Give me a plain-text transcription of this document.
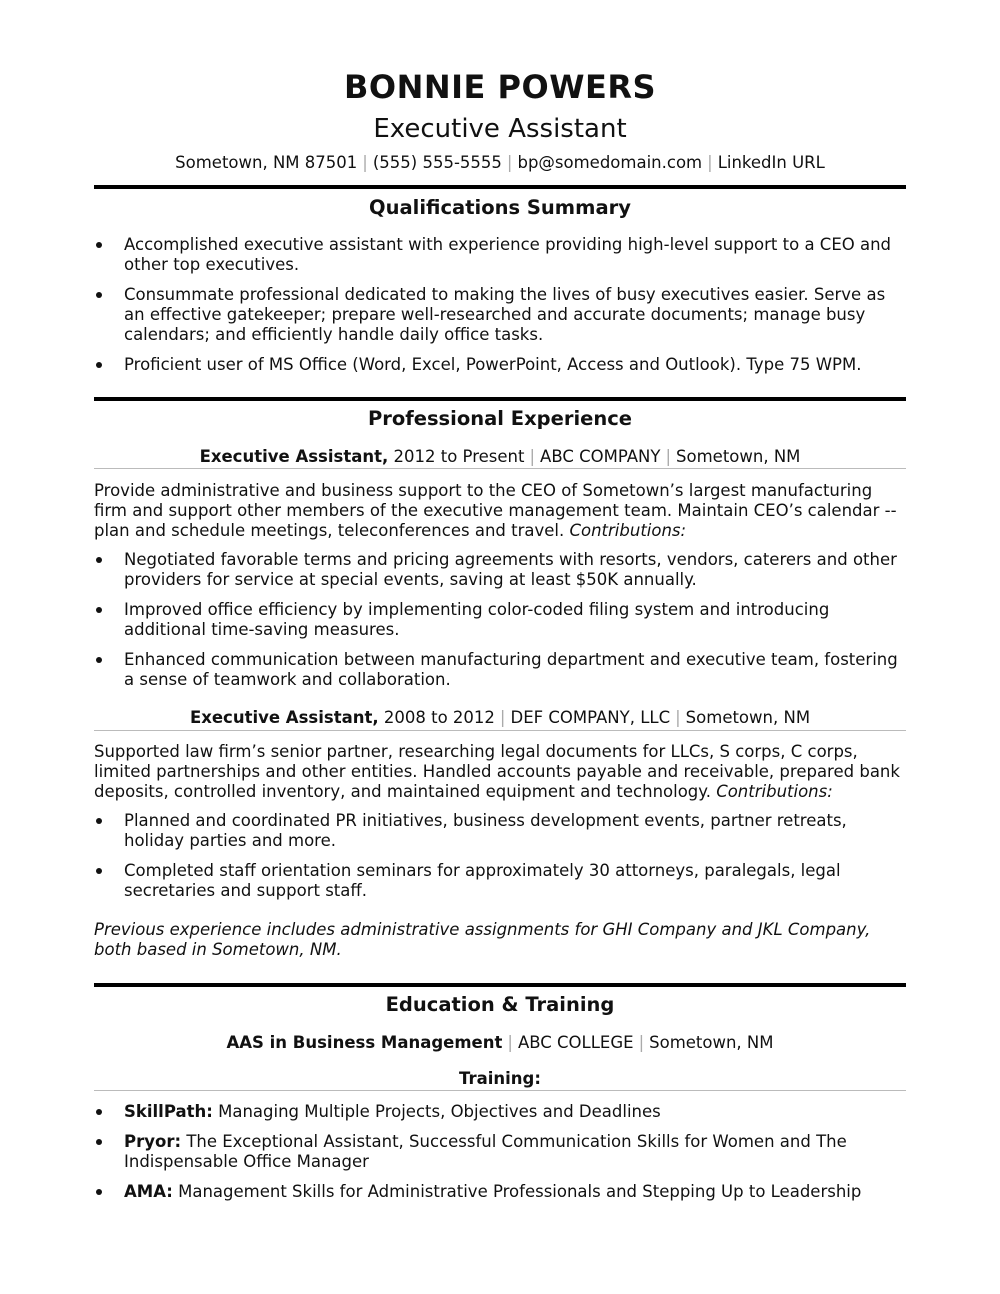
BONNIE POWERS
Executive Assistant
Sometown, NM 87501 | (555) 555-5555 | bp@somedomain.com | LinkedIn URL
Qualifications Summary
Accomplished executive assistant with experience providing high-level support to a CEO and other top executives.
Consummate professional dedicated to making the lives of busy executives easier. Serve as an effective gatekeeper; prepare well-researched and accurate documents; manage busy calendars; and efficiently handle daily office tasks.
Proficient user of MS Office (Word, Excel, PowerPoint, Access and Outlook). Type 75 WPM.
Professional Experience
Executive Assistant, 2012 to Present | ABC COMPANY | Sometown, NM
Provide administrative and business support to the CEO of Sometown’s largest manufacturing firm and support other members of the executive management team. Maintain CEO’s calendar -- plan and schedule meetings, teleconferences and travel. Contributions:
Negotiated favorable terms and pricing agreements with resorts, vendors, caterers and other providers for service at special events, saving at least $50K annually.
Improved office efficiency by implementing color-coded filing system and introducing additional time-saving measures.
Enhanced communication between manufacturing department and executive team, fostering a sense of teamwork and collaboration.
Executive Assistant, 2008 to 2012 | DEF COMPANY, LLC | Sometown, NM
Supported law firm’s senior partner, researching legal documents for LLCs, S corps, C corps, limited partnerships and other entities. Handled accounts payable and receivable, prepared bank deposits, controlled inventory, and maintained equipment and technology. Contributions:
Planned and coordinated PR initiatives, business development events, partner retreats, holiday parties and more.
Completed staff orientation seminars for approximately 30 attorneys, paralegals, legal secretaries and support staff.
Previous experience includes administrative assignments for GHI Company and JKL Company, both based in Sometown, NM.
Education & Training
AAS in Business Management | ABC COLLEGE | Sometown, NM
Training:
SkillPath: Managing Multiple Projects, Objectives and Deadlines
Pryor: The Exceptional Assistant, Successful Communication Skills for Women and The Indispensable Office Manager
AMA: Management Skills for Administrative Professionals and Stepping Up to Leadership
